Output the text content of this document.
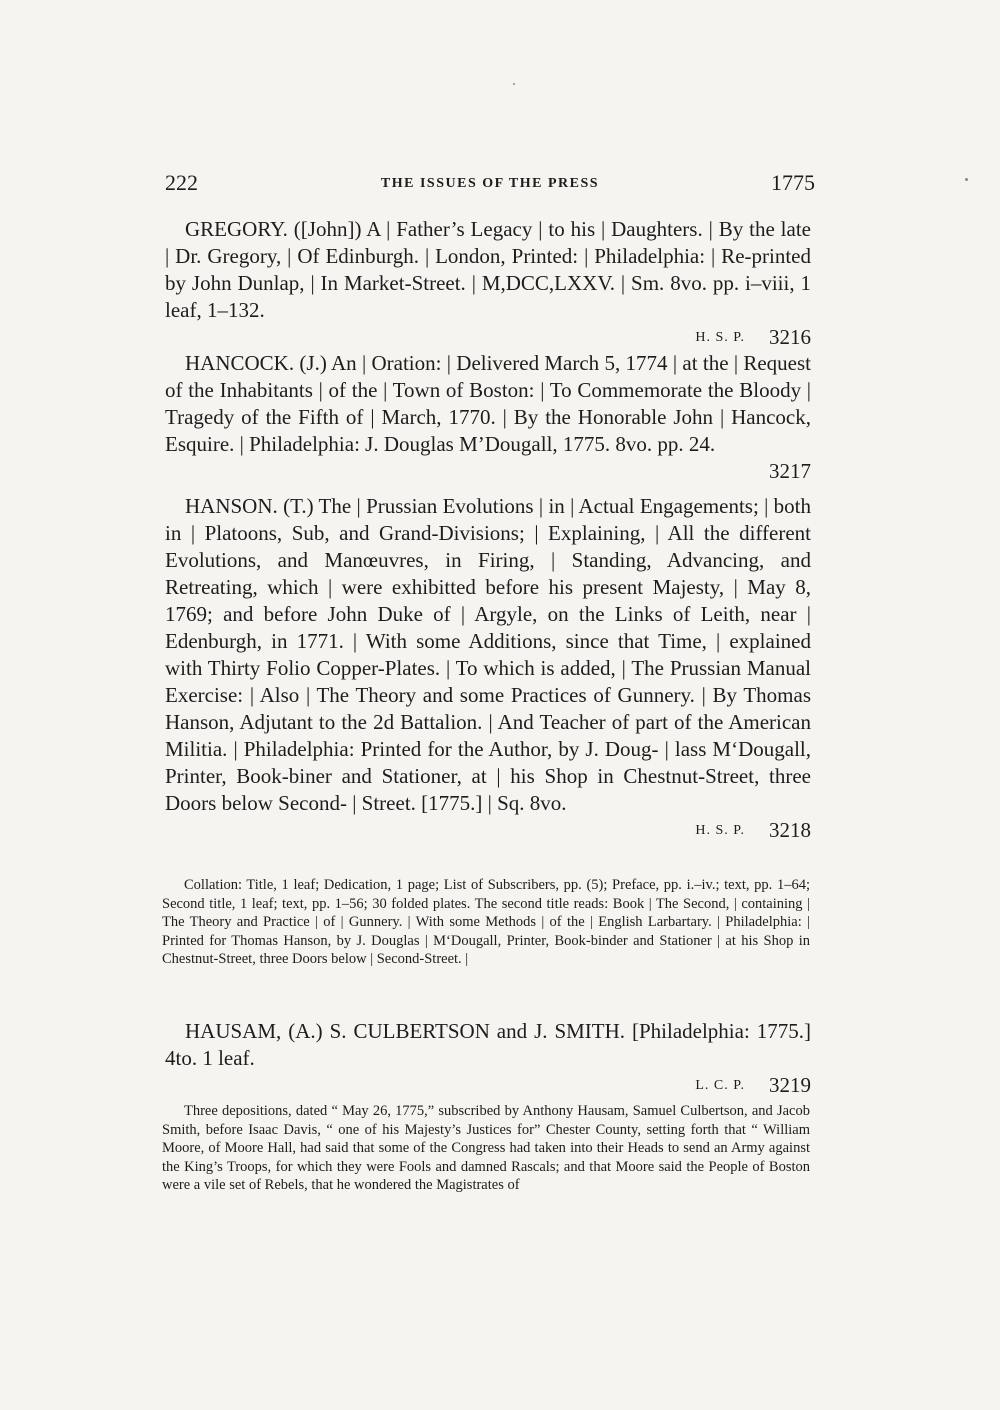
222	THE ISSUES OF THE PRESS	1775

GREGORY. ([John]) A | Father’s Legacy | to his | Daughters. | By the late | Dr. Gregory, | Of Edinburgh. | London, Printed: | Philadelphia: | Re-printed by John Dunlap, | In Market-Street. | M,DCC,LXXV. | Sm. 8vo. pp. i–viii, 1 leaf, 1–132.
3216
H. S. P.

HANCOCK. (J.) An | Oration: | Delivered March 5, 1774 | at the | Request of the Inhabitants | of the | Town of Boston: | To Commemorate the Bloody | Tragedy of the Fifth of | March, 1770. | By the Honorable John | Hancock, Esquire. | Philadelphia: J. Douglas M’Dougall, 1775. 8vo. pp. 24.
3217

HANSON. (T.) The | Prussian Evolutions | in | Actual Engagements; | both in | Platoons, Sub, and Grand-Divisions; | Explaining, | All the different Evolutions, and Manœuvres, in Firing, | Standing, Advancing, and Retreating, which | were exhibitted before his present Majesty, | May 8, 1769; and before John Duke of | Argyle, on the Links of Leith, near | Edenburgh, in 1771. | With some Additions, since that Time, | explained with Thirty Folio Copper-Plates. | To which is added, | The Prussian Manual Exercise: | Also | The Theory and some Practices of Gunnery. | By Thomas Hanson, Adjutant to the 2d Battalion. | And Teacher of part of the American Militia. | Philadelphia: Printed for the Author, by J. Doug- | lass M‘Dougall, Printer, Book-biner and Stationer, at | his Shop in Chestnut-Street, three Doors below Second- | Street. [1775.] | Sq. 8vo.
3218
H. S. P.

Collation: Title, 1 leaf; Dedication, 1 page; List of Subscribers, pp. (5); Preface, pp. i.–iv.; text, pp. 1–64; Second title, 1 leaf; text, pp. 1–56; 30 folded plates. The second title reads: Book | The Second, | containing | The Theory and Practice | of | Gunnery. | With some Methods | of the | English Larbartary. | Philadelphia: | Printed for Thomas Hanson, by J. Douglas | M‘Dougall, Printer, Book-binder and Stationer | at his Shop in Chestnut-Street, three Doors below | Second-Street. |

HAUSAM, (A.) S. CULBERTSON and J. SMITH. [Philadelphia: 1775.] 4to. 1 leaf.
3219
L. C. P.

Three depositions, dated “ May 26, 1775,” subscribed by Anthony Hausam, Samuel Culbertson, and Jacob Smith, before Isaac Davis, “ one of his Majesty’s Justices for” Chester County, setting forth that “ William Moore, of Moore Hall, had said that some of the Congress had taken into their Heads to send an Army against the King’s Troops, for which they were Fools and damned Rascals; and that Moore said the People of Boston were a vile set of Rebels, that he wondered the Magistrates of
